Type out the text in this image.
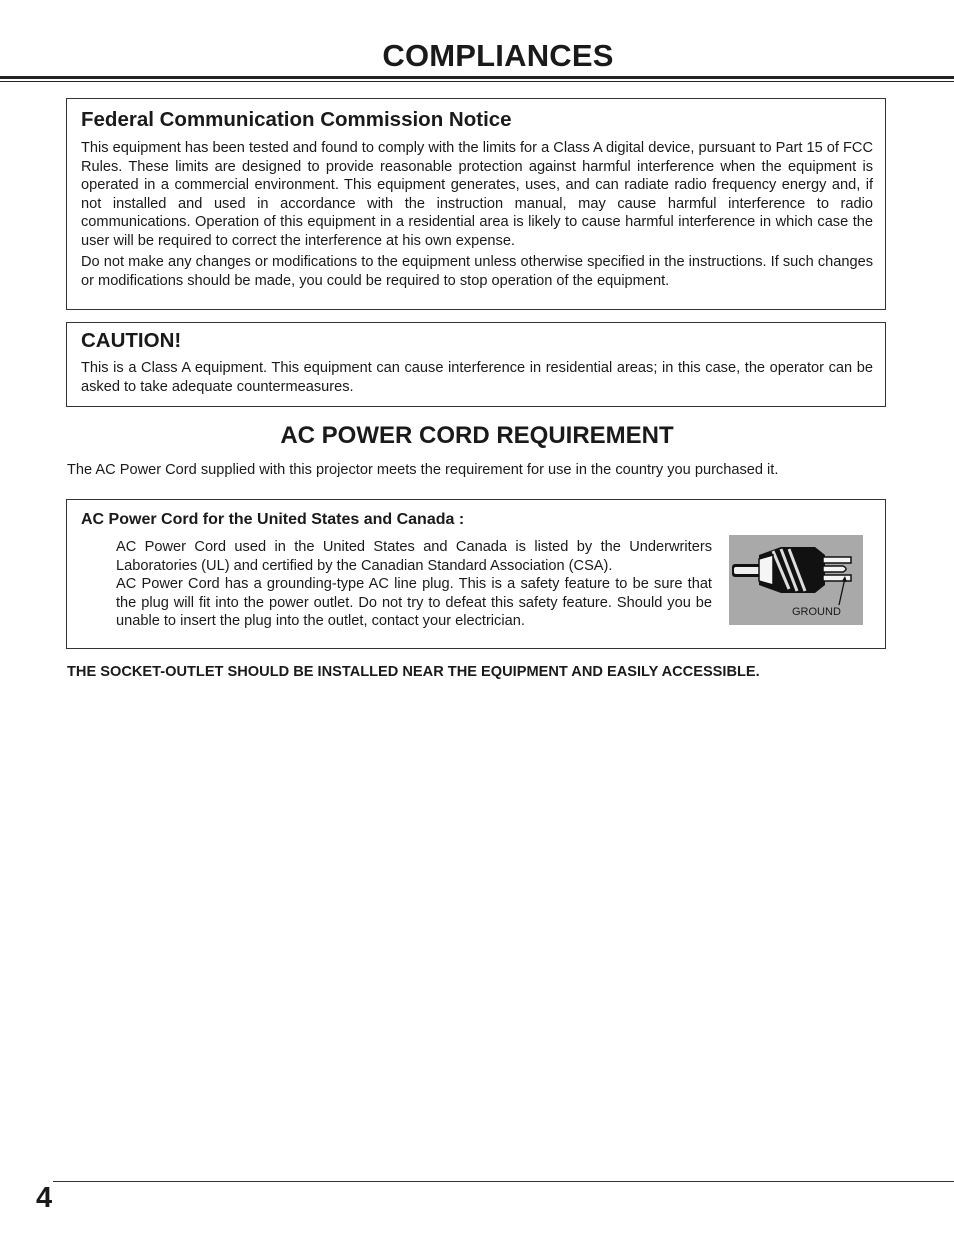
COMPLIANCES
Federal Communication Commission Notice
This equipment has been tested and found to comply with the limits for a Class A digital device, pursuant to Part 15 of FCC Rules. These limits are designed to provide reasonable protection against harmful interference when the equipment is operated in a commercial environment. This equipment generates, uses, and can radiate radio frequency energy and, if not installed and used in accordance with the instruction manual, may cause harmful interference to radio communications. Operation of this equipment in a residential area is likely to cause harmful interference in which case the user will be required to correct the interference at his own expense.
Do not make any changes or modifications to the equipment unless otherwise specified in the instructions. If such changes or modifications should be made, you could be required to stop operation of the equipment.
CAUTION!
This is a Class A equipment. This equipment can cause interference in residential areas; in this case, the operator can be asked to take adequate countermeasures.
AC POWER CORD REQUIREMENT
The AC Power Cord supplied with this projector meets the requirement for use in the country you purchased it.
AC Power Cord for the United States and Canada :
AC Power Cord used in the United States and Canada is listed by the Underwriters Laboratories (UL) and certified by the Canadian Standard Association (CSA).
AC Power Cord has a grounding-type AC line plug. This is a safety feature to be sure that the plug will fit into the power outlet. Do not try to defeat this safety feature. Should you be unable to insert the plug into the outlet, contact your electrician.
GROUND
THE SOCKET-OUTLET SHOULD BE INSTALLED NEAR THE EQUIPMENT AND EASILY ACCESSIBLE.
4
